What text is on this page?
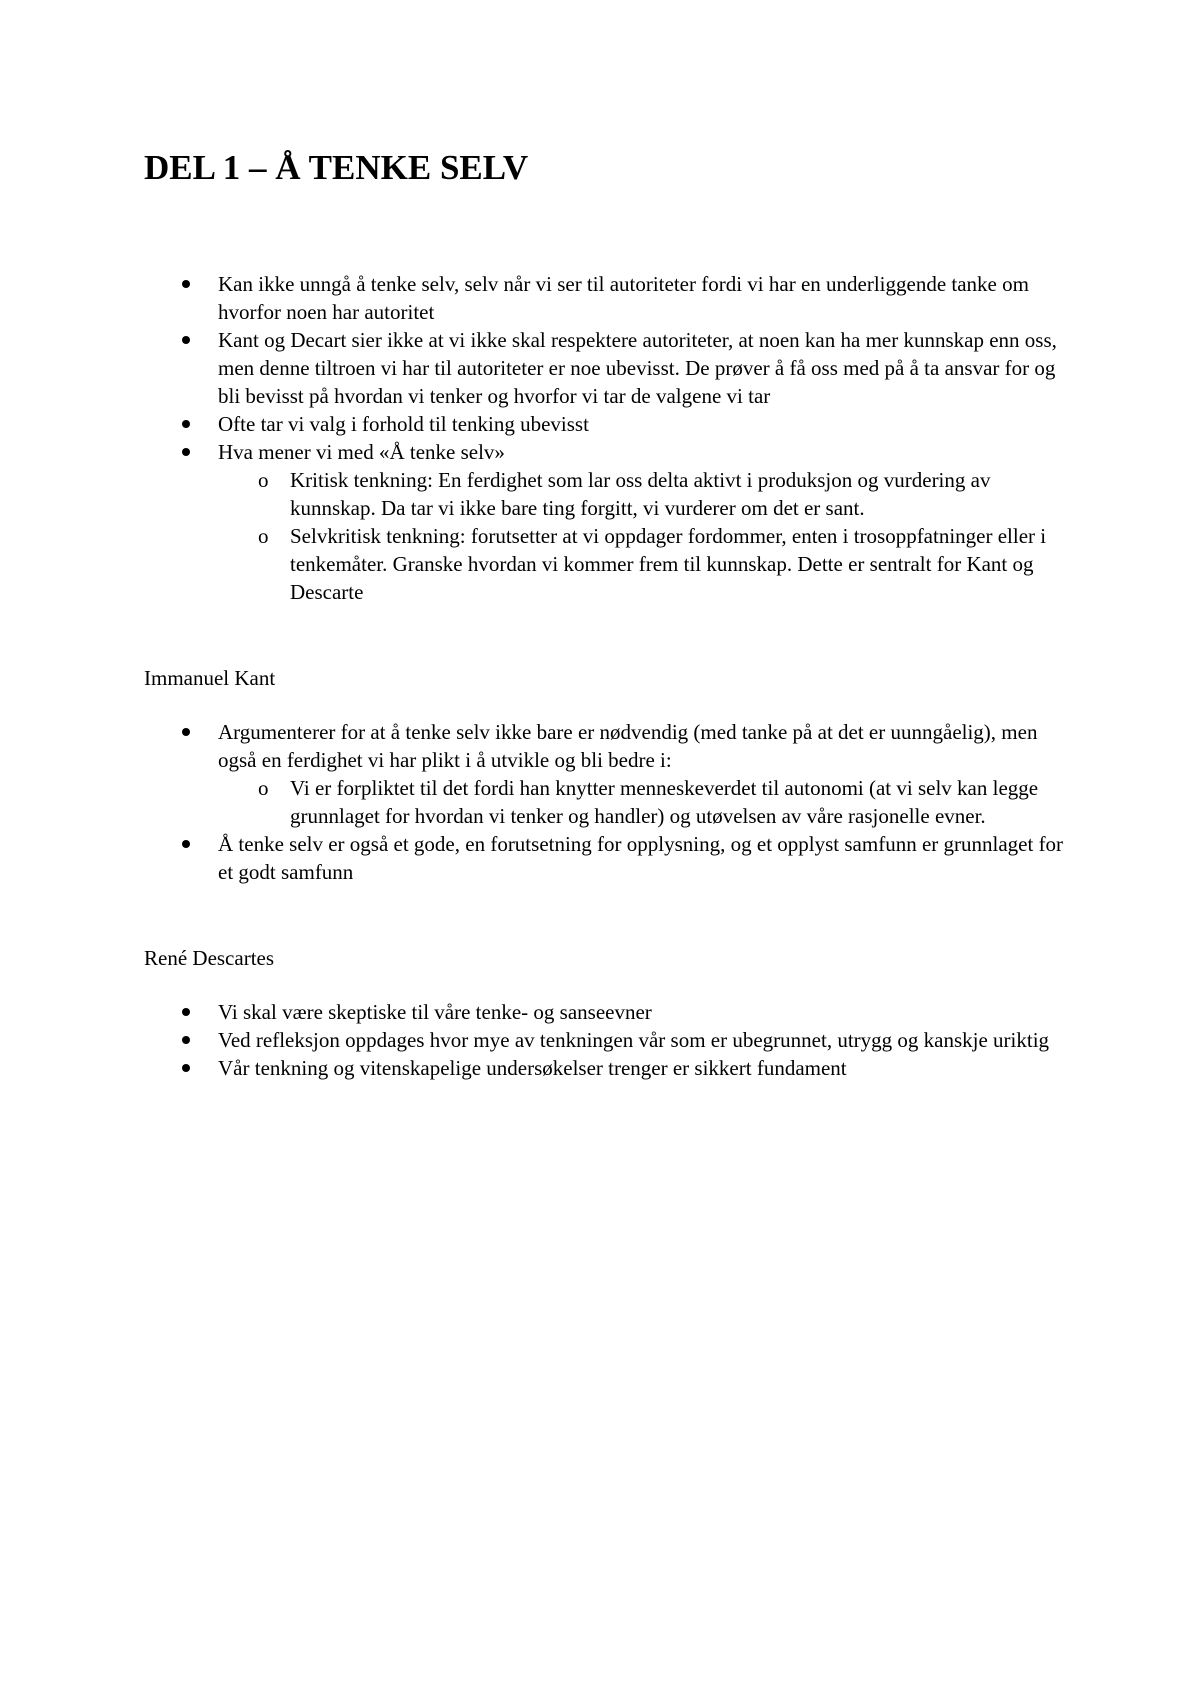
DEL 1 – Å TENKE SELV
Kan ikke unngå å tenke selv, selv når vi ser til autoriteter fordi vi har en underliggende tanke om hvorfor noen har autoritet
Kant og Decart sier ikke at vi ikke skal respektere autoriteter, at noen kan ha mer kunnskap enn oss, men denne tiltroen vi har til autoriteter er noe ubevisst. De prøver å få oss med på å ta ansvar for og bli bevisst på hvordan vi tenker og hvorfor vi tar de valgene vi tar
Ofte tar vi valg i forhold til tenking ubevisst
Hva mener vi med «Å tenke selv»
o Kritisk tenkning: En ferdighet som lar oss delta aktivt i produksjon og vurdering av kunnskap. Da tar vi ikke bare ting forgitt, vi vurderer om det er sant.
o Selvkritisk tenkning: forutsetter at vi oppdager fordommer, enten i trosoppfatninger eller i tenkemåter. Granske hvordan vi kommer frem til kunnskap. Dette er sentralt for Kant og Descarte

Immanuel Kant

Argumenterer for at å tenke selv ikke bare er nødvendig (med tanke på at det er uunngåelig), men også en ferdighet vi har plikt i å utvikle og bli bedre i:
o Vi er forpliktet til det fordi han knytter menneskeverdet til autonomi (at vi selv kan legge grunnlaget for hvordan vi tenker og handler) og utøvelsen av våre rasjonelle evner.
Å tenke selv er også et gode, en forutsetning for opplysning, og et opplyst samfunn er grunnlaget for et godt samfunn

René Descartes

Vi skal være skeptiske til våre tenke- og sanseevner
Ved refleksjon oppdages hvor mye av tenkningen vår som er ubegrunnet, utrygg og kanskje uriktig
Vår tenkning og vitenskapelige undersøkelser trenger er sikkert fundament
